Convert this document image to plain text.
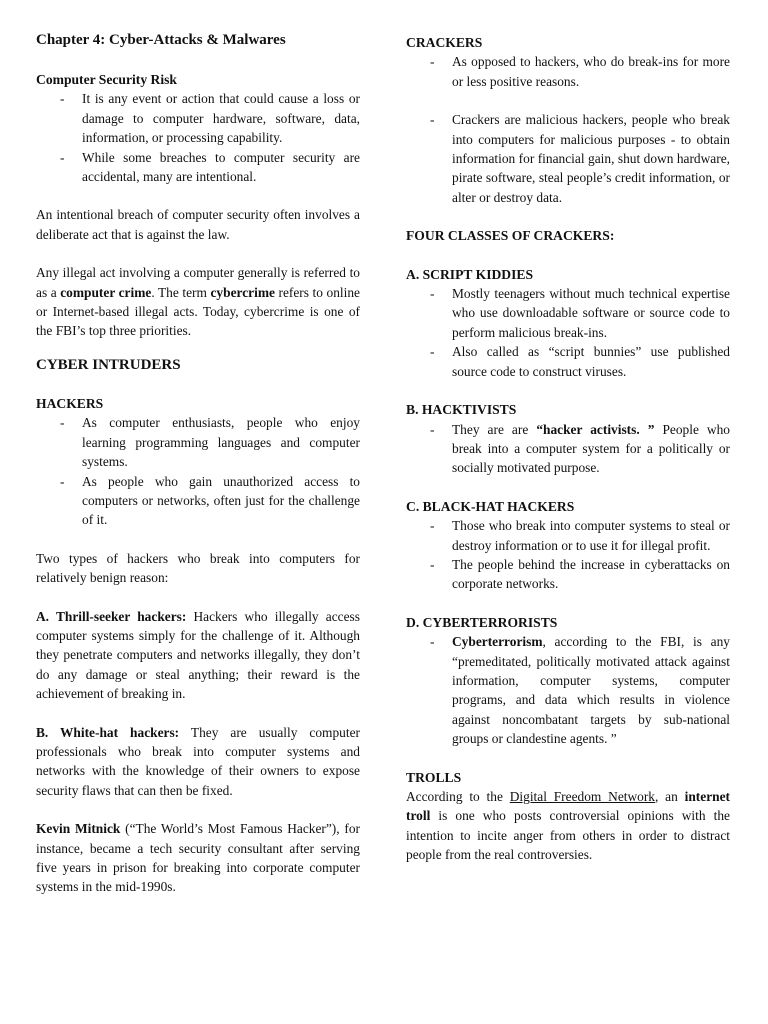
Chapter 4: Cyber-Attacks & Malwares
Computer Security Risk
- It is any event or action that could cause a loss or damage to computer hardware, software, data, information, or processing capability.
- While some breaches to computer security are accidental, many are intentional.

An intentional breach of computer security often involves a deliberate act that is against the law.

Any illegal act involving a computer generally is referred to as a computer crime. The term cybercrime refers to online or Internet-based illegal acts. Today, cybercrime is one of the FBI’s top three priorities.

CYBER INTRUDERS
HACKERS
- As computer enthusiasts, people who enjoy learning programming languages and computer systems.
- As people who gain unauthorized access to computers or networks, often just for the challenge of it.

Two types of hackers who break into computers for relatively benign reason:

A. Thrill-seeker hackers: Hackers who illegally access computer systems simply for the challenge of it. Although they penetrate computers and networks illegally, they don’t do any damage or steal anything; their reward is the achievement of breaking in.

B. White-hat hackers: They are usually computer professionals who break into computer systems and networks with the knowledge of their owners to expose security flaws that can then be fixed.

Kevin Mitnick (“The World’s Most Famous Hacker”), for instance, became a tech security consultant after serving five years in prison for breaking into corporate computer systems in the mid-1990s.

CRACKERS
- As opposed to hackers, who do break-ins for more or less positive reasons.
- Crackers are malicious hackers, people who break into computers for malicious purposes - to obtain information for financial gain, shut down hardware, pirate software, steal people’s credit information, or alter or destroy data.
FOUR CLASSES OF CRACKERS:
A. SCRIPT KIDDIES
- Mostly teenagers without much technical expertise who use downloadable software or source code to perform malicious break-ins.
- Also called as “script bunnies” use published source code to construct viruses.
B. HACKTIVISTS
- They are are “hacker activists. ” People who break into a computer system for a politically or socially motivated purpose.
C. BLACK-HAT HACKERS
- Those who break into computer systems to steal or destroy information or to use it for illegal profit.
- The people behind the increase in cyberattacks on corporate networks.
D. CYBERTERRORISTS
- Cyberterrorism, according to the FBI, is any “premeditated, politically motivated attack against information, computer systems, computer programs, and data which results in violence against noncombatant targets by sub-national groups or clandestine agents. ”
TROLLS

According to the Digital Freedom Network, an internet troll is one who posts controversial opinions with the intention to incite anger from others in order to distract people from the real controversies.
